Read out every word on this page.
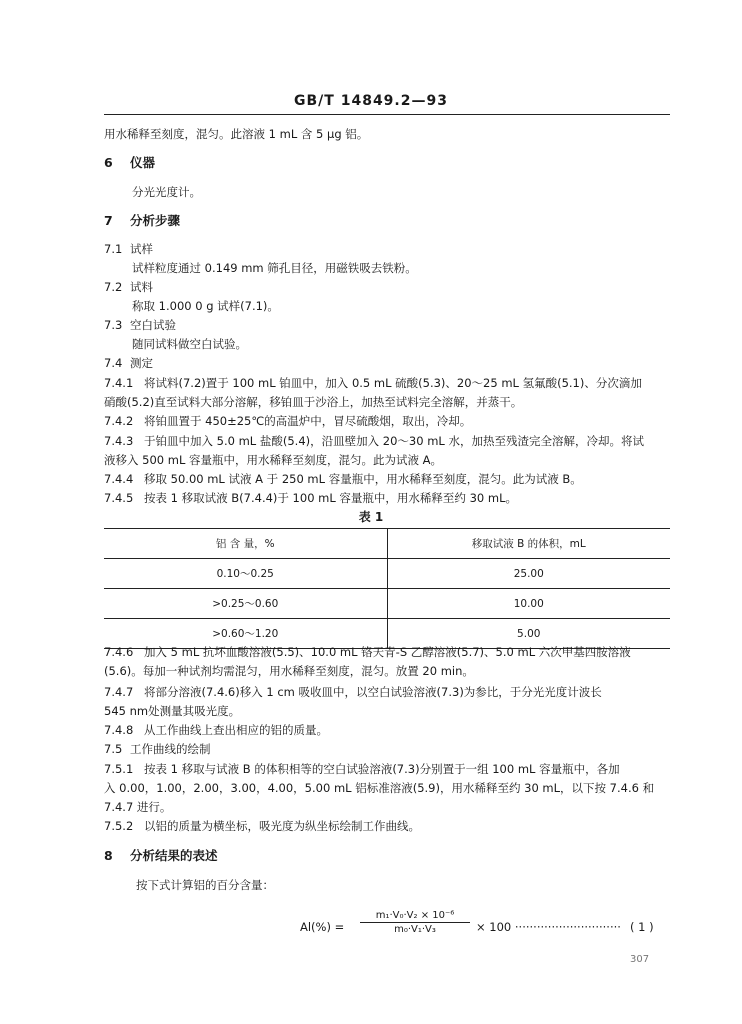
GB/T 14849.2—93
用水稀释至刻度，混匀。此溶液 1 mL 含 5 μg 铝。
6 仪器
分光光度计。
7 分析步骤
7.1 试样
试样粒度通过 0.149 mm 筛孔目径，用磁铁吸去铁粉。
7.2 试料
称取 1.000 0 g 试样(7.1)。
7.3 空白试验
随同试料做空白试验。
7.4 测定
7.4.1 将试料(7.2)置于 100 mL 铂皿中，加入 0.5 mL 硫酸(5.3)、20～25 mL 氢氟酸(5.1)、分次滴加
硝酸(5.2)直至试料大部分溶解，移铂皿于沙浴上，加热至试料完全溶解，并蒸干。
7.4.2 将铂皿置于 450±25℃的高温炉中，冒尽硫酸烟，取出，冷却。
7.4.3 于铂皿中加入 5.0 mL 盐酸(5.4)，沿皿壁加入 20～30 mL 水，加热至残渣完全溶解，冷却。将试
液移入 500 mL 容量瓶中，用水稀释至刻度，混匀。此为试液 A。
7.4.4 移取 50.00 mL 试液 A 于 250 mL 容量瓶中，用水稀释至刻度，混匀。此为试液 B。
7.4.5 按表 1 移取试液 B(7.4.4)于 100 mL 容量瓶中，用水稀释至约 30 mL。
表 1
铝 含 量，%	移取试液 B 的体积，mL
0.10～0.25	25.00
>0.25～0.60	10.00
>0.60～1.20	5.00
7.4.6 加入 5 mL 抗坏血酸溶液(5.5)、10.0 mL 铬天青-S 乙醇溶液(5.7)、5.0 mL 六次甲基四胺溶液
(5.6)。每加一种试剂均需混匀，用水稀释至刻度，混匀。放置 20 min。
7.4.7 将部分溶液(7.4.6)移入 1 cm 吸收皿中，以空白试验溶液(7.3)为参比，于分光光度计波长
545 nm处测量其吸光度。
7.4.8 从工作曲线上查出相应的铝的质量。
7.5 工作曲线的绘制
7.5.1 按表 1 移取与试液 B 的体积相等的空白试验溶液(7.3)分别置于一组 100 mL 容量瓶中，各加
入 0.00，1.00，2.00，3.00，4.00，5.00 mL 铝标准溶液(5.9)，用水稀释至约 30 mL，以下按 7.4.6 和
7.4.7 进行。
7.5.2 以铝的质量为横坐标，吸光度为纵坐标绘制工作曲线。
8 分析结果的表述
按下式计算铝的百分含量：
$Al(\%) = \frac{\text{m₁·V₀·V₂ × 10⁻⁶}}{\text{m₀·V₁·V₃}} \times 100$ ····························· ( 1 )
307
